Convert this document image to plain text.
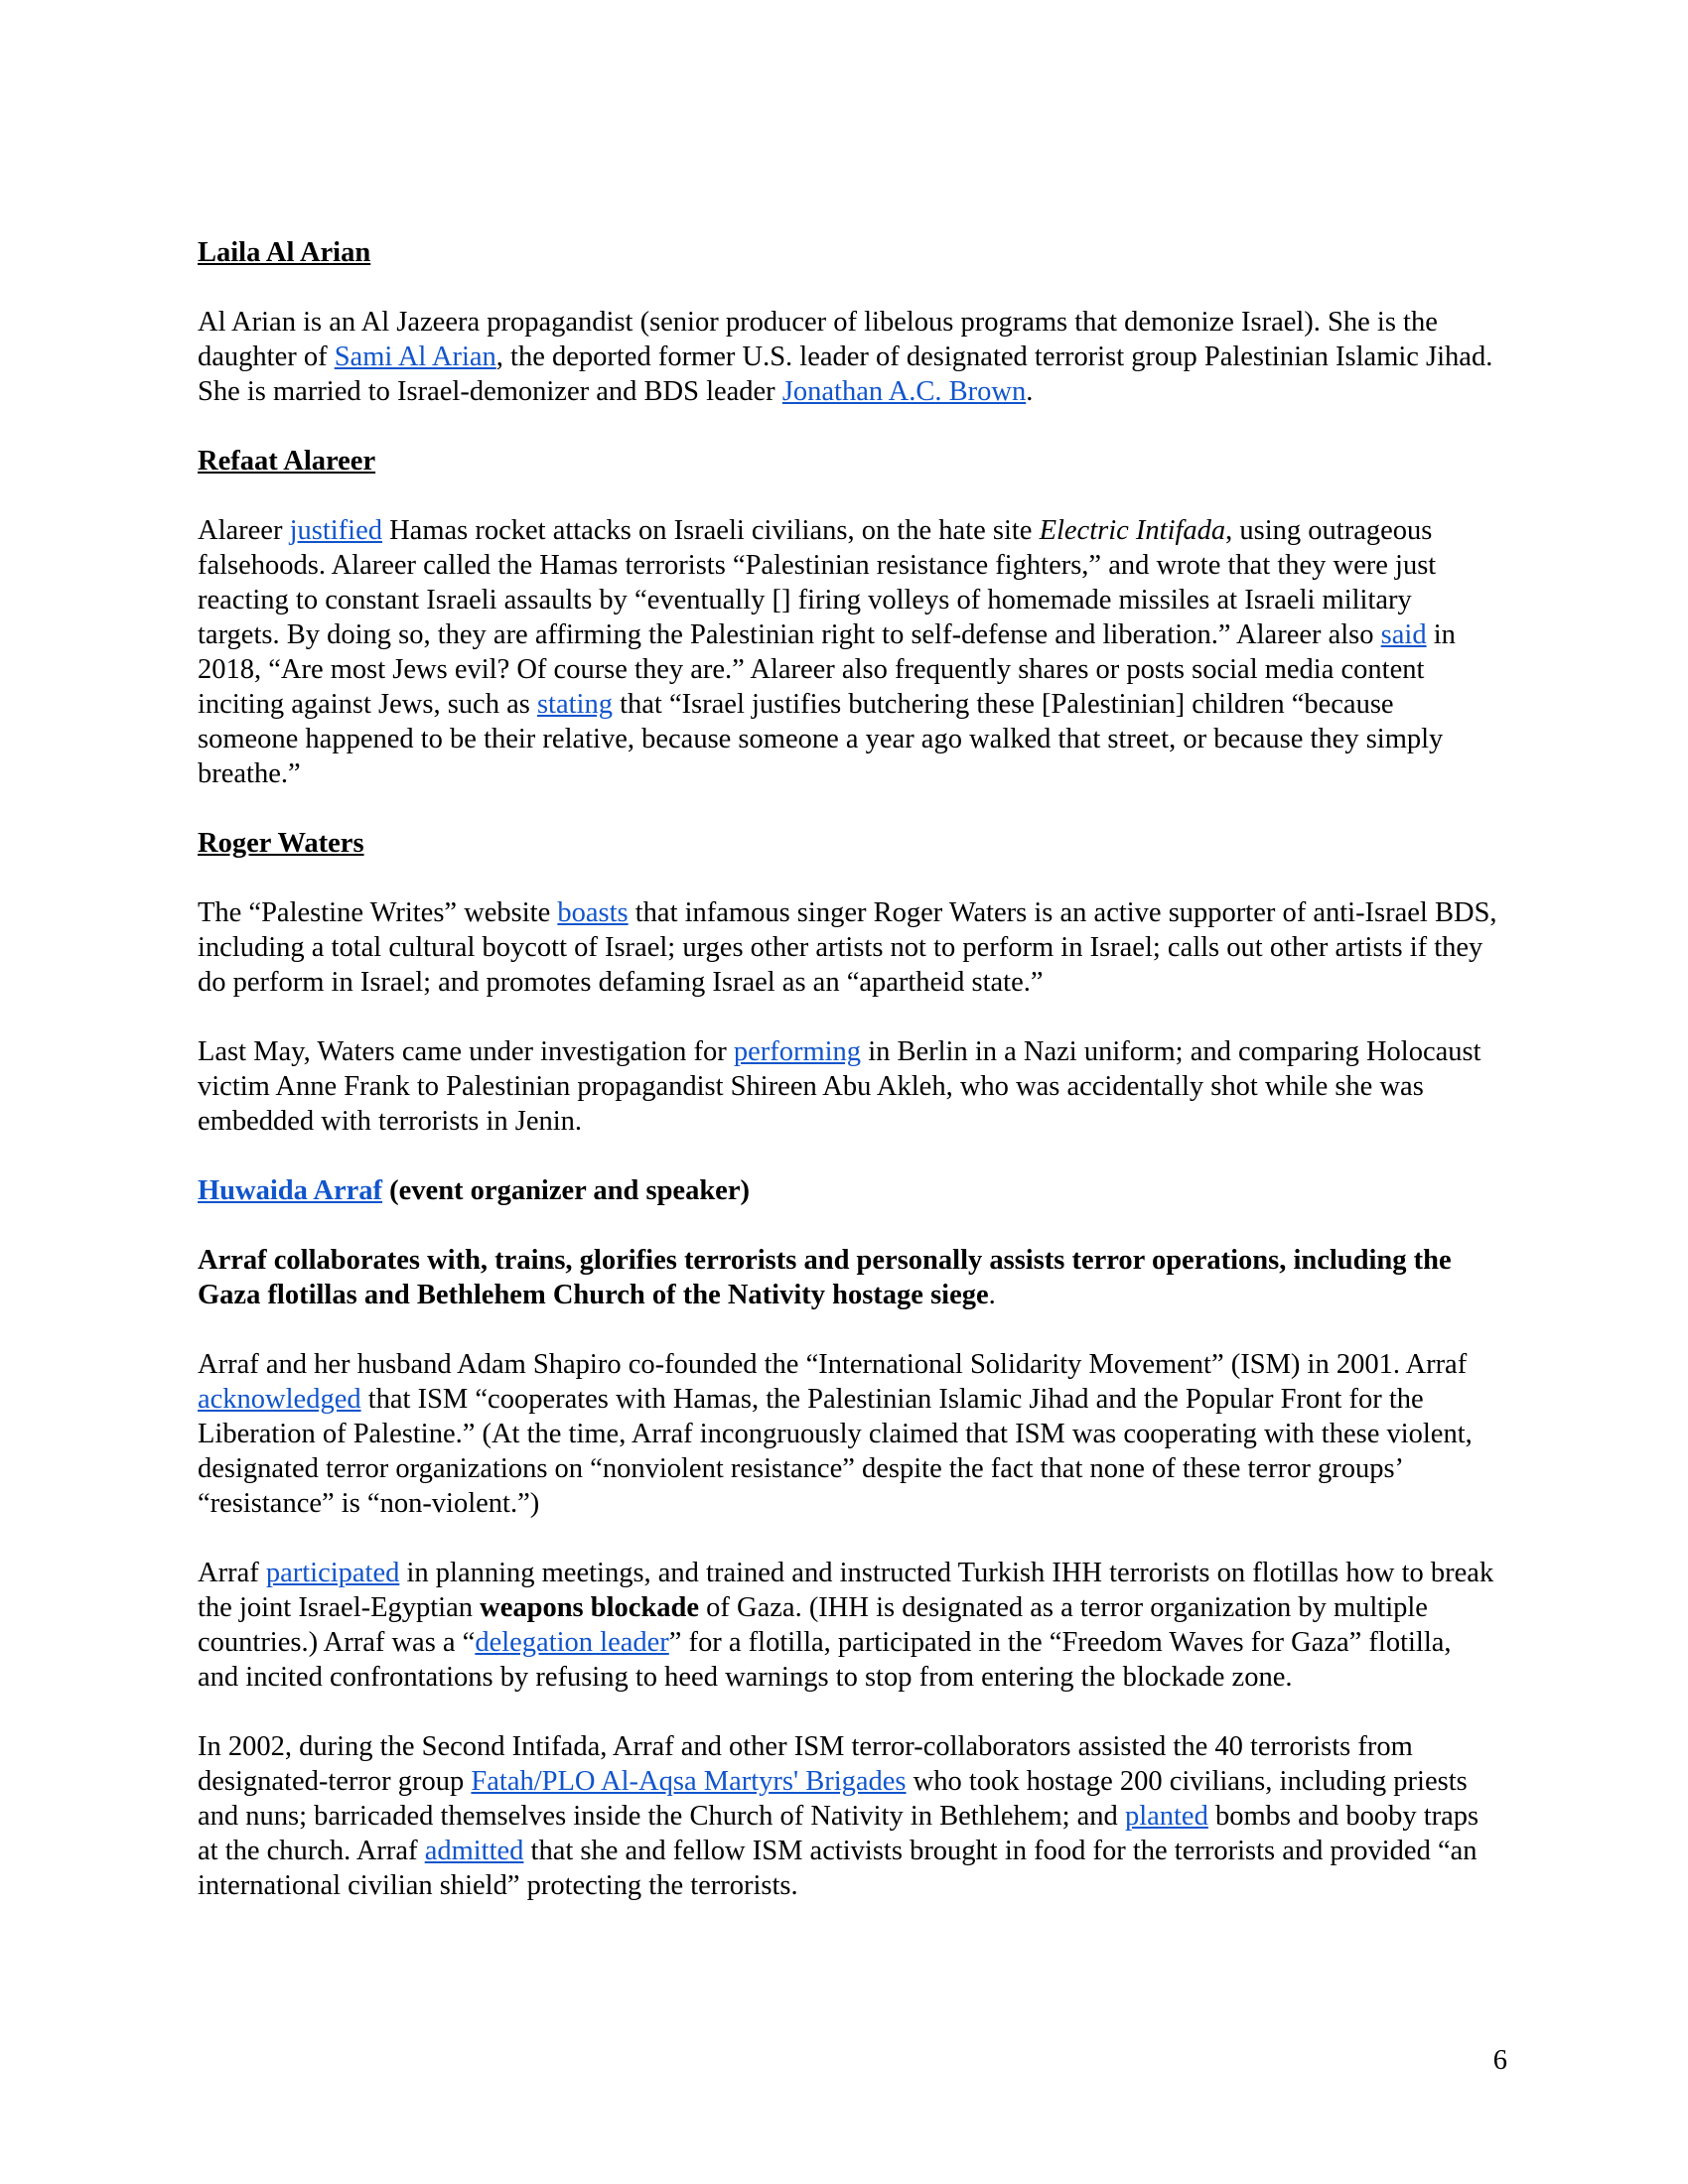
Laila Al Arian

Al Arian is an Al Jazeera propagandist (senior producer of libelous programs that demonize Israel). She is the daughter of Sami Al Arian, the deported former U.S. leader of designated terrorist group Palestinian Islamic Jihad. She is married to Israel-demonizer and BDS leader Jonathan A.C. Brown.

Refaat Alareer

Alareer justified Hamas rocket attacks on Israeli civilians, on the hate site Electric Intifada, using outrageous falsehoods. Alareer called the Hamas terrorists “Palestinian resistance fighters,” and wrote that they were just reacting to constant Israeli assaults by “eventually [] firing volleys of homemade missiles at Israeli military targets. By doing so, they are affirming the Palestinian right to self-defense and liberation.” Alareer also said in 2018, “Are most Jews evil? Of course they are.” Alareer also frequently shares or posts social media content inciting against Jews, such as stating that “Israel justifies butchering these [Palestinian] children “because someone happened to be their relative, because someone a year ago walked that street, or because they simply breathe.”

Roger Waters

The “Palestine Writes” website boasts that infamous singer Roger Waters is an active supporter of anti-Israel BDS, including a total cultural boycott of Israel; urges other artists not to perform in Israel; calls out other artists if they do perform in Israel; and promotes defaming Israel as an “apartheid state.”

Last May, Waters came under investigation for performing in Berlin in a Nazi uniform; and comparing Holocaust victim Anne Frank to Palestinian propagandist Shireen Abu Akleh, who was accidentally shot while she was embedded with terrorists in Jenin.

Huwaida Arraf (event organizer and speaker)

Arraf collaborates with, trains, glorifies terrorists and personally assists terror operations, including the Gaza flotillas and Bethlehem Church of the Nativity hostage siege.

Arraf and her husband Adam Shapiro co-founded the “International Solidarity Movement” (ISM) in 2001. Arraf acknowledged that ISM “cooperates with Hamas, the Palestinian Islamic Jihad and the Popular Front for the Liberation of Palestine.” (At the time, Arraf incongruously claimed that ISM was cooperating with these violent, designated terror organizations on “nonviolent resistance” despite the fact that none of these terror groups’
“resistance” is “non-violent.”)

Arraf participated in planning meetings, and trained and instructed Turkish IHH terrorists on flotillas how to break the joint Israel-Egyptian weapons blockade of Gaza. (IHH is designated as a terror organization by multiple countries.) Arraf was a “delegation leader” for a flotilla, participated in the “Freedom Waves for Gaza” flotilla, and incited confrontations by refusing to heed warnings to stop from entering the blockade zone.

In 2002, during the Second Intifada, Arraf and other ISM terror-collaborators assisted the 40 terrorists from designated-terror group Fatah/PLO Al-Aqsa Martyrs' Brigades who took hostage 200 civilians, including priests and nuns; barricaded themselves inside the Church of Nativity in Bethlehem; and planted bombs and booby traps at the church. Arraf admitted that she and fellow ISM activists brought in food for the terrorists and provided “an international civilian shield” protecting the terrorists.

6
